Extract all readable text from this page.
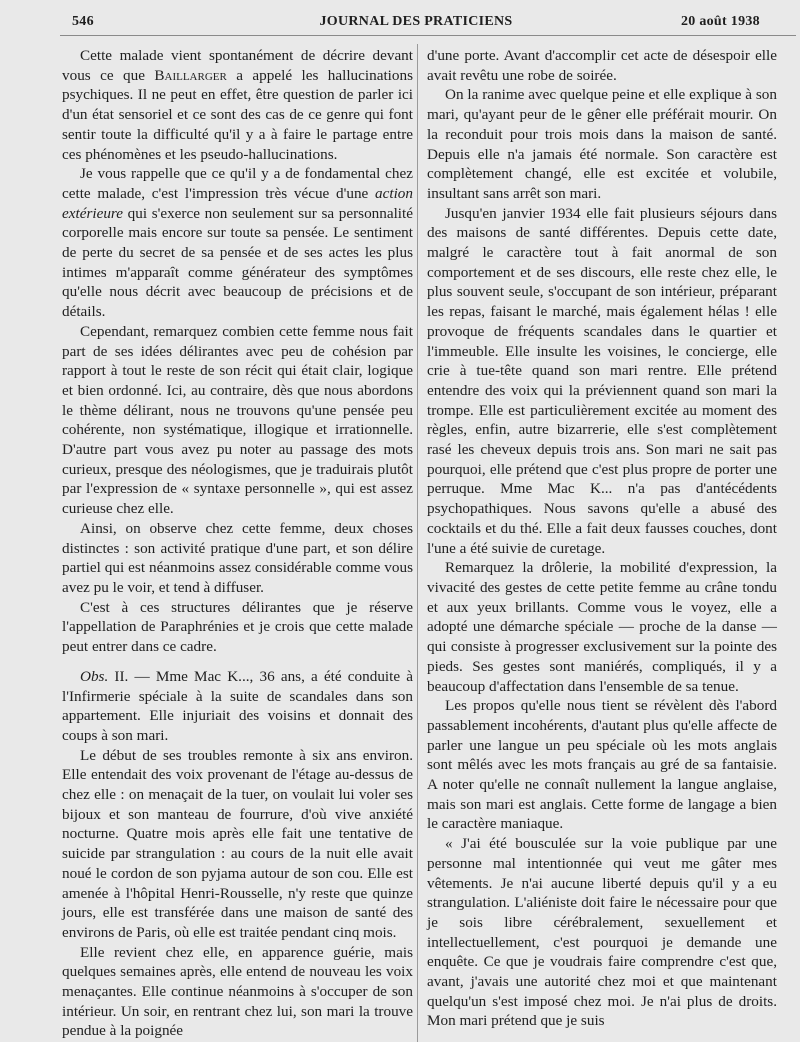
546	JOURNAL DES PRATICIENS	20 août 1938

Cette malade vient spontanément de décrire devant vous ce que Baillarger a appelé les hallucinations psychiques. Il ne peut en effet, être question de parler ici d'un état sensoriel et ce sont des cas de ce genre qui font sentir toute la difficulté qu'il y a à faire le partage entre ces phénomènes et les pseudo-hallucinations.

Je vous rappelle que ce qu'il y a de fondamental chez cette malade, c'est l'impression très vécue d'une action extérieure qui s'exerce non seulement sur sa personnalité corporelle mais encore sur toute sa pensée. Le sentiment de perte du secret de sa pensée et de ses actes les plus intimes m'apparaît comme générateur des symptômes qu'elle nous décrit avec beaucoup de précisions et de détails.

Cependant, remarquez combien cette femme nous fait part de ses idées délirantes avec peu de cohésion par rapport à tout le reste de son récit qui était clair, logique et bien ordonné. Ici, au contraire, dès que nous abordons le thème délirant, nous ne trouvons qu'une pensée peu cohérente, non systématique, illogique et irrationnelle. D'autre part vous avez pu noter au passage des mots curieux, presque des néologismes, que je traduirais plutôt par l'expression de « syntaxe personnelle », qui est assez curieuse chez elle.

Ainsi, on observe chez cette femme, deux choses distinctes : son activité pratique d'une part, et son délire partiel qui est néanmoins assez considérable comme vous avez pu le voir, et tend à diffuser.

C'est à ces structures délirantes que je réserve l'appellation de Paraphrénies et je crois que cette malade peut entrer dans ce cadre.

Obs. II. — Mme Mac K..., 36 ans, a été conduite à l'Infirmerie spéciale à la suite de scandales dans son appartement. Elle injuriait des voisins et donnait des coups à son mari.

Le début de ses troubles remonte à six ans environ. Elle entendait des voix provenant de l'étage au-dessus de chez elle : on menaçait de la tuer, on voulait lui voler ses bijoux et son manteau de fourrure, d'où vive anxiété nocturne. Quatre mois après elle fait une tentative de suicide par strangulation : au cours de la nuit elle avait noué le cordon de son pyjama autour de son cou. Elle est amenée à l'hôpital Henri-Rousselle, n'y reste que quinze jours, elle est transférée dans une maison de santé des environs de Paris, où elle est traitée pendant cinq mois.

Elle revient chez elle, en apparence guérie, mais quelques semaines après, elle entend de nouveau les voix menaçantes. Elle continue néanmoins à s'occuper de son intérieur. Un soir, en rentrant chez lui, son mari la trouve pendue à la poignée

d'une porte. Avant d'accomplir cet acte de désespoir elle avait revêtu une robe de soirée.

On la ranime avec quelque peine et elle explique à son mari, qu'ayant peur de le gêner elle préférait mourir. On la reconduit pour trois mois dans la maison de santé. Depuis elle n'a jamais été normale. Son caractère est complètement changé, elle est excitée et volubile, insultant sans arrêt son mari.

Jusqu'en janvier 1934 elle fait plusieurs séjours dans des maisons de santé différentes. Depuis cette date, malgré le caractère tout à fait anormal de son comportement et de ses discours, elle reste chez elle, le plus souvent seule, s'occupant de son intérieur, préparant les repas, faisant le marché, mais également hélas ! elle provoque de fréquents scandales dans le quartier et l'immeuble. Elle insulte les voisines, le concierge, elle crie à tue-tête quand son mari rentre. Elle prétend entendre des voix qui la préviennent quand son mari la trompe. Elle est particulièrement excitée au moment des règles, enfin, autre bizarrerie, elle s'est complètement rasé les cheveux depuis trois ans. Son mari ne sait pas pourquoi, elle prétend que c'est plus propre de porter une perruque. Mme Mac K... n'a pas d'antécédents psychopathiques. Nous savons qu'elle a abusé des cocktails et du thé. Elle a fait deux fausses couches, dont l'une a été suivie de curetage.

Remarquez la drôlerie, la mobilité d'expression, la vivacité des gestes de cette petite femme au crâne tondu et aux yeux brillants. Comme vous le voyez, elle a adopté une démarche spéciale — proche de la danse — qui consiste à progresser exclusivement sur la pointe des pieds. Ses gestes sont maniérés, compliqués, il y a beaucoup d'affectation dans l'ensemble de sa tenue.

Les propos qu'elle nous tient se révèlent dès l'abord passablement incohérents, d'autant plus qu'elle affecte de parler une langue un peu spéciale où les mots anglais sont mêlés avec les mots français au gré de sa fantaisie. A noter qu'elle ne connaît nullement la langue anglaise, mais son mari est anglais. Cette forme de langage a bien le caractère maniaque.

« J'ai été bousculée sur la voie publique par une personne mal intentionnée qui veut me gâter mes vêtements. Je n'ai aucune liberté depuis qu'il y a eu strangulation. L'aliéniste doit faire le nécessaire pour que je sois libre cérébralement, sexuellement et intellectuellement, c'est pourquoi je demande une enquête. Ce que je voudrais faire comprendre c'est que, avant, j'avais une autorité chez moi et que maintenant quelqu'un s'est imposé chez moi. Je n'ai plus de droits. Mon mari prétend que je suis
